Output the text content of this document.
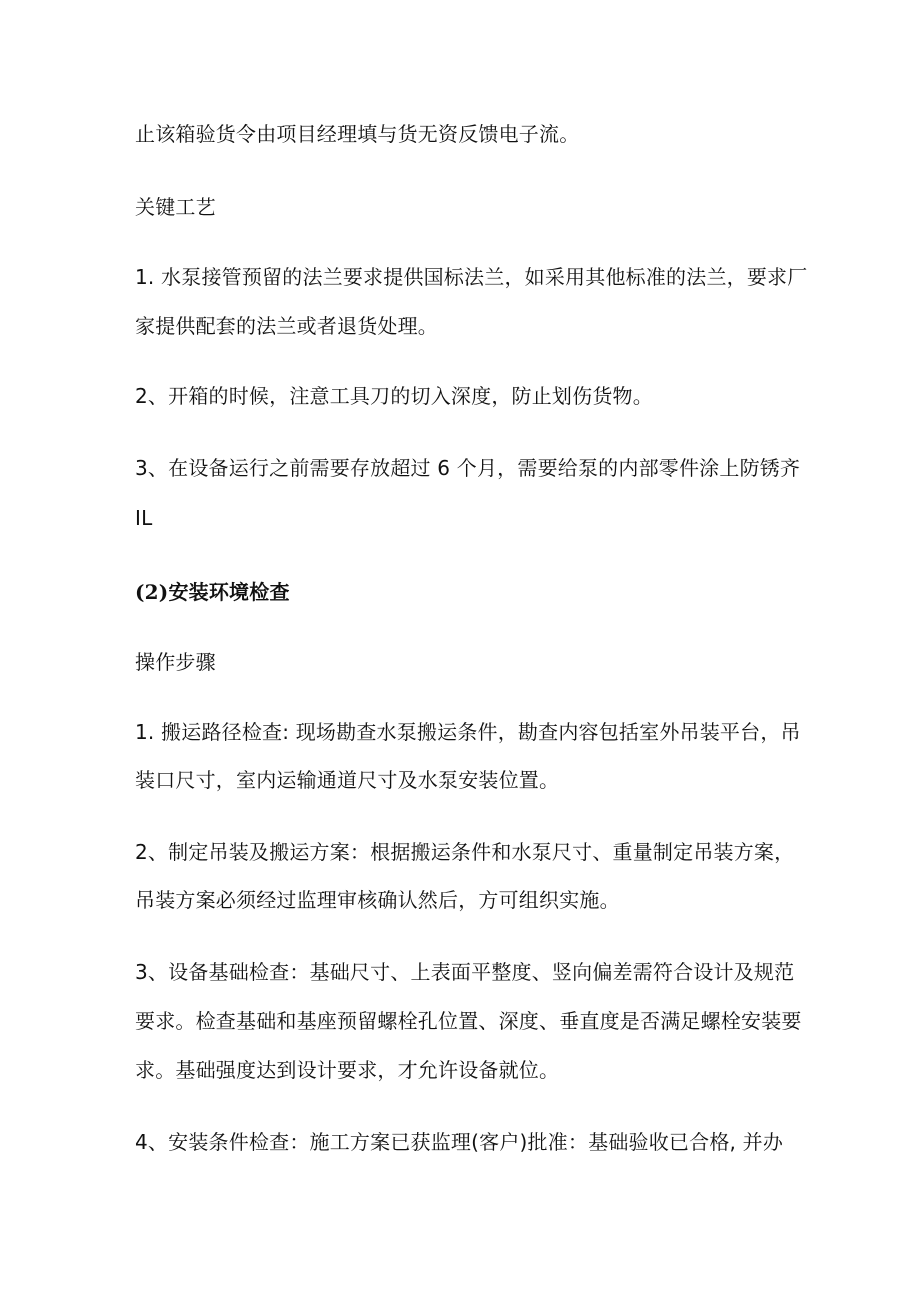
止该箱验货令由项目经理填与货无资反馈电子流。
关键工艺
1. 水泵接管预留的法兰要求提供国标法兰，如采用其他标准的法兰，要求厂
家提供配套的法兰或者退货处理。
2、开箱的时候，注意工具刀的切入深度，防止划伤货物。
3、在设备运行之前需要存放超过 6 个月，需要给泵的内部零件涂上防锈齐
IL
(2)安装环境检查
操作步骤
1. 搬运路径检查: 现场勘查水泵搬运条件，勘查内容包括室外吊装平台，吊
装口尺寸，室内运输通道尺寸及水泵安装位置。
2、制定吊装及搬运方案：根据搬运条件和水泵尺寸、重量制定吊装方案，
吊装方案必须经过监理审核确认然后，方可组织实施。
3、设备基础检查：基础尺寸、上表面平整度、竖向偏差需符合设计及规范
要求。检查基础和基座预留螺栓孔位置、深度、垂直度是否满足螺栓安装要
求。基础强度达到设计要求，才允许设备就位。
4、安装条件检查：施工方案已获监理(客户)批准：基础验收已合格, 并办
